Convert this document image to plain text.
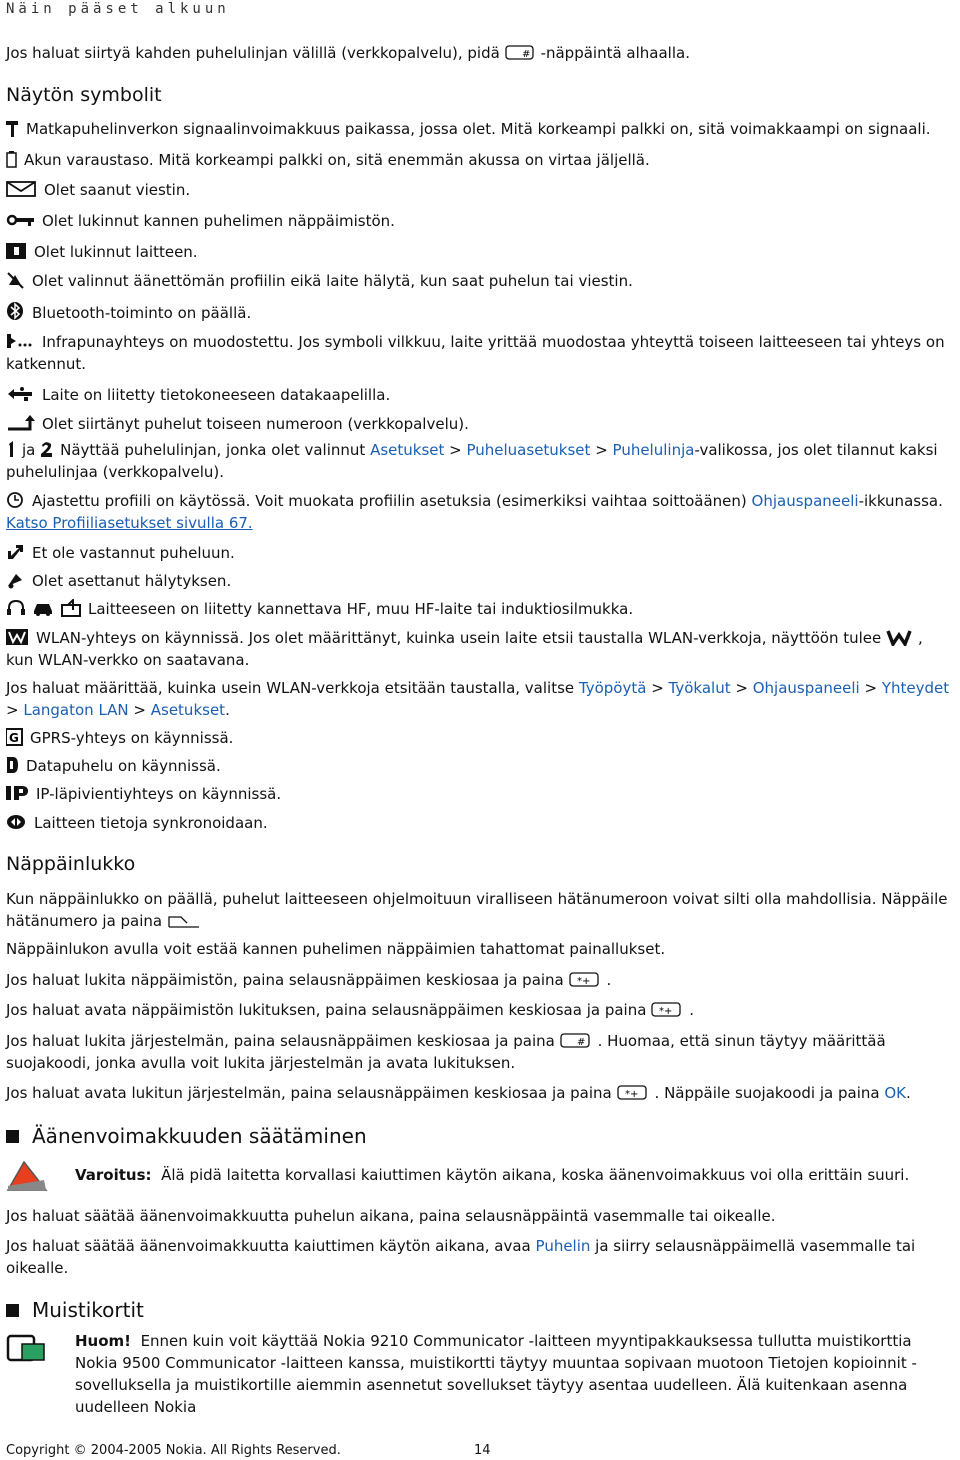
Näin pääset alkuun
Jos haluat siirtyä kahden puhelulinjan välillä (verkkopalvelu), pidä # -näppäintä alhaalla.
Näytön symbolit
Matkapuhelinverkon signaalinvoimakkuus paikassa, jossa olet. Mitä korkeampi palkki on, sitä voimakkaampi on signaali.
Akun varaustaso. Mitä korkeampi palkki on, sitä enemmän akussa on virtaa jäljellä.
Olet saanut viestin.
Olet lukinnut kannen puhelimen näppäimistön.
Olet lukinnut laitteen.
Olet valinnut äänettömän profiilin eikä laite hälytä, kun saat puhelun tai viestin.
Bluetooth-toiminto on päällä.
Infrapunayhteys on muodostettu. Jos symboli vilkkuu, laite yrittää muodostaa yhteyttä toiseen laitteeseen tai yhteys on katkennut.
Laite on liitetty tietokoneeseen datakaapelilla.
Olet siirtänyt puhelut toiseen numeroon (verkkopalvelu).
ja Näyttää puhelulinjan, jonka olet valinnut Asetukset > Puheluasetukset > Puhelulinja-valikossa, jos olet tilannut kaksi puhelulinjaa (verkkopalvelu).
Ajastettu profiili on käytössä. Voit muokata profiilin asetuksia (esimerkiksi vaihtaa soittoäänen) Ohjauspaneeli-ikkunassa. Katso Profiiliasetukset sivulla 67.
Et ole vastannut puheluun.
Olet asettanut hälytyksen.
Laitteeseen on liitetty kannettava HF, muu HF-laite tai induktiosilmukka.
WLAN-yhteys on käynnissä. Jos olet määrittänyt, kuinka usein laite etsii taustalla WLAN-verkkoja, näyttöön tulee
, kun WLAN-verkko on saatavana.
Jos haluat määrittää, kuinka usein WLAN-verkkoja etsitään taustalla, valitse Työpöytä > Työkalut > Ohjauspaneeli > Yhteydet > Langaton LAN > Asetukset.
G GPRS-yhteys on käynnissä.
Datapuhelu on käynnissä.
IP-läpivientiyhteys on käynnissä.
Laitteen tietoja synkronoidaan.
Näppäinlukko
Kun näppäinlukko on päällä, puhelut laitteeseen ohjelmoituun viralliseen hätänumeroon voivat silti olla mahdollisia. Näppäile hätänumero ja paina
Näppäinlukon avulla voit estää kannen puhelimen näppäimien tahattomat painallukset.
Jos haluat lukita näppäimistön, paina selausnäppäimen keskiosaa ja paina *+ .
Jos haluat avata näppäimistön lukituksen, paina selausnäppäimen keskiosaa ja paina *+ .
Jos haluat lukita järjestelmän, paina selausnäppäimen keskiosaa ja paina # . Huomaa, että sinun täytyy määrittää suojakoodi, jonka avulla voit lukita järjestelmän ja avata lukituksen.
Jos haluat avata lukitun järjestelmän, paina selausnäppäimen keskiosaa ja paina *+ . Näppäile suojakoodi ja paina OK.
Äänenvoimakkuuden säätäminen
Varoitus: Älä pidä laitetta korvallasi kaiuttimen käytön aikana, koska äänenvoimakkuus voi olla erittäin suuri.
Jos haluat säätää äänenvoimakkuutta puhelun aikana, paina selausnäppäintä vasemmalle tai oikealle.
Jos haluat säätää äänenvoimakkuutta kaiuttimen käytön aikana, avaa Puhelin ja siirry selausnäppäimellä vasemmalle tai oikealle.
Muistikortit
Huom! Ennen kuin voit käyttää Nokia 9210 Communicator -laitteen myyntipakkauksessa tullutta muistikorttia Nokia 9500 Communicator -laitteen kanssa, muistikortti täytyy muuntaa sopivaan muotoon Tietojen kopioinnit -sovelluksella ja muistikortille aiemmin asennetut sovellukset täytyy asentaa uudelleen. Älä kuitenkaan asenna uudelleen Nokia
Copyright © 2004-2005 Nokia. All Rights Reserved.	14
